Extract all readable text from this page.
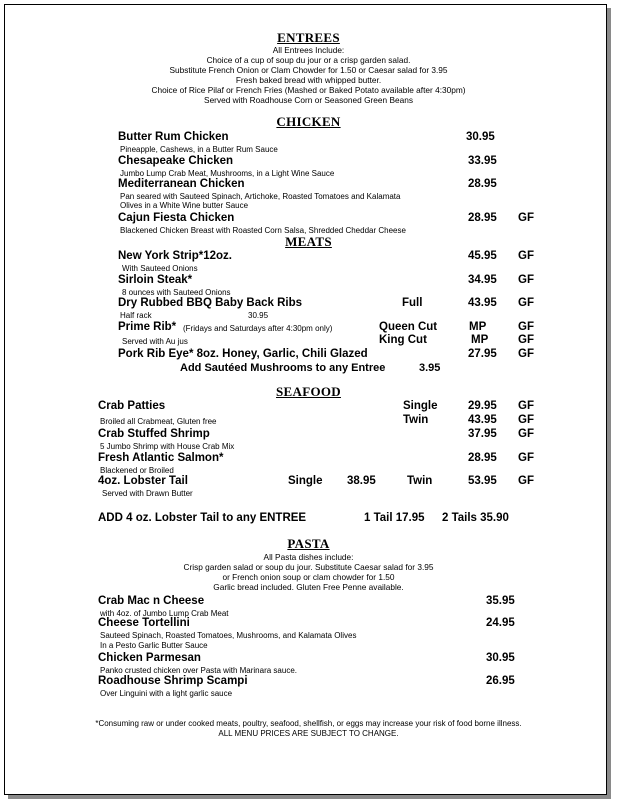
ENTREES
All Entrees Include:
Choice of a cup of soup du jour or a crisp garden salad.
Substitute French Onion or Clam Chowder for 1.50 or Caesar salad for 3.95
Fresh baked bread with whipped butter.
Choice of Rice Pilaf or French Fries (Mashed or Baked Potato available after 4:30pm)
Served with Roadhouse Corn or Seasoned Green Beans
CHICKEN
Butter Rum Chicken	30.95
Pineapple, Cashews, in a Butter Rum Sauce
Chesapeake Chicken	33.95
Jumbo Lump Crab Meat, Mushrooms, in a Light Wine Sauce
Mediterranean Chicken	28.95
Pan seared with Sauteed Spinach, Artichoke, Roasted Tomatoes and Kalamata
Olives in a White Wine butter Sauce
Cajun Fiesta Chicken	28.95 GF
Blackened Chicken Breast with Roasted Corn Salsa, Shredded Cheddar Cheese
MEATS
New York Strip*12oz.	45.95 GF
With Sauteed Onions
Sirloin Steak*	34.95 GF
8 ounces with Sauteed Onions
Dry Rubbed BBQ Baby Back Ribs	Full	43.95 GF
Half rack	30.95
Prime Rib* (Fridays and Saturdays after 4:30pm only)	Queen Cut	MP	GF
Served with Au jus	King Cut	MP	GF
Pork Rib Eye* 8oz. Honey, Garlic, Chili Glazed	27.95 GF
Add Sautéed Mushrooms to any Entree	3.95
SEAFOOD
Crab Patties	Single	29.95 GF
Broiled all Crabmeat, Gluten free	Twin	43.95 GF
Crab Stuffed Shrimp	37.95 GF
5 Jumbo Shrimp with House Crab Mix
Fresh Atlantic Salmon*	28.95 GF
Blackened or Broiled
4oz. Lobster Tail	Single 38.95	Twin	53.95 GF
Served with Drawn Butter
ADD 4 oz. Lobster Tail to any ENTREE	1 Tail 17.95 2 Tails 35.90
PASTA
All Pasta dishes include:
Crisp garden salad or soup du jour. Substitute Caesar salad for 3.95
or French onion soup or clam chowder for 1.50
Garlic bread included. Gluten Free Penne available.
Crab Mac n Cheese	35.95
with 4oz. of Jumbo Lump Crab Meat
Cheese Tortellini	24.95
Sauteed Spinach, Roasted Tomatoes, Mushrooms, and Kalamata Olives
In a Pesto Garlic Butter Sauce
Chicken Parmesan	30.95
Panko crusted chicken over Pasta with Marinara sauce.
Roadhouse Shrimp Scampi	26.95
Over Linguini with a light garlic sauce
*Consuming raw or under cooked meats, poultry, seafood, shellfish, or eggs may increase your risk of food borne illness.
ALL MENU PRICES ARE SUBJECT TO CHANGE.
